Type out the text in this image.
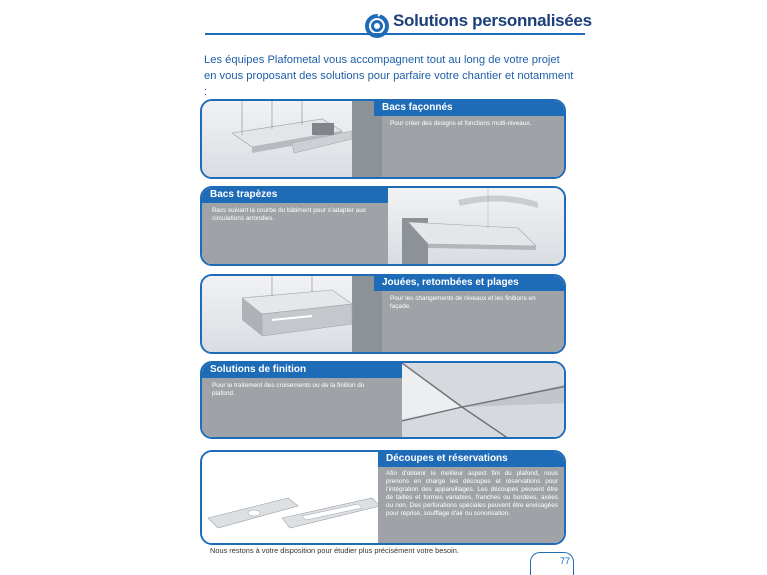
Solutions personnalisées
Les équipes Plafometal vous accompagnent tout au long de votre projet en vous proposant des solutions pour parfaire votre chantier et notamment :
Bacs façonnés
Pour créer des designs et fonctions multi-niveaux.
Bacs trapèzes
Bacs suivant la courbe du bâtiment pour s'adapter aux circulations arrondies.
Jouées, retombées et plages
Pour les changements de niveaux et les finitions en façade.
Solutions de finition
Pour le traitement des croisements ou de la finition du plafond.
Découpes et réservations
Afin d'obtenir le meilleur aspect fini du plafond, nous prenons en charge les découpes et réservations pour l'intégration des appareillages. Les découpes peuvent être de tailles et formes variables, franches ou bordées, axées ou non. Des perforations spéciales peuvent être envisagées pour reprise, soufflage d'air ou sonorisation.
Nous restons à votre disposition pour étudier plus précisément votre besoin.
77
